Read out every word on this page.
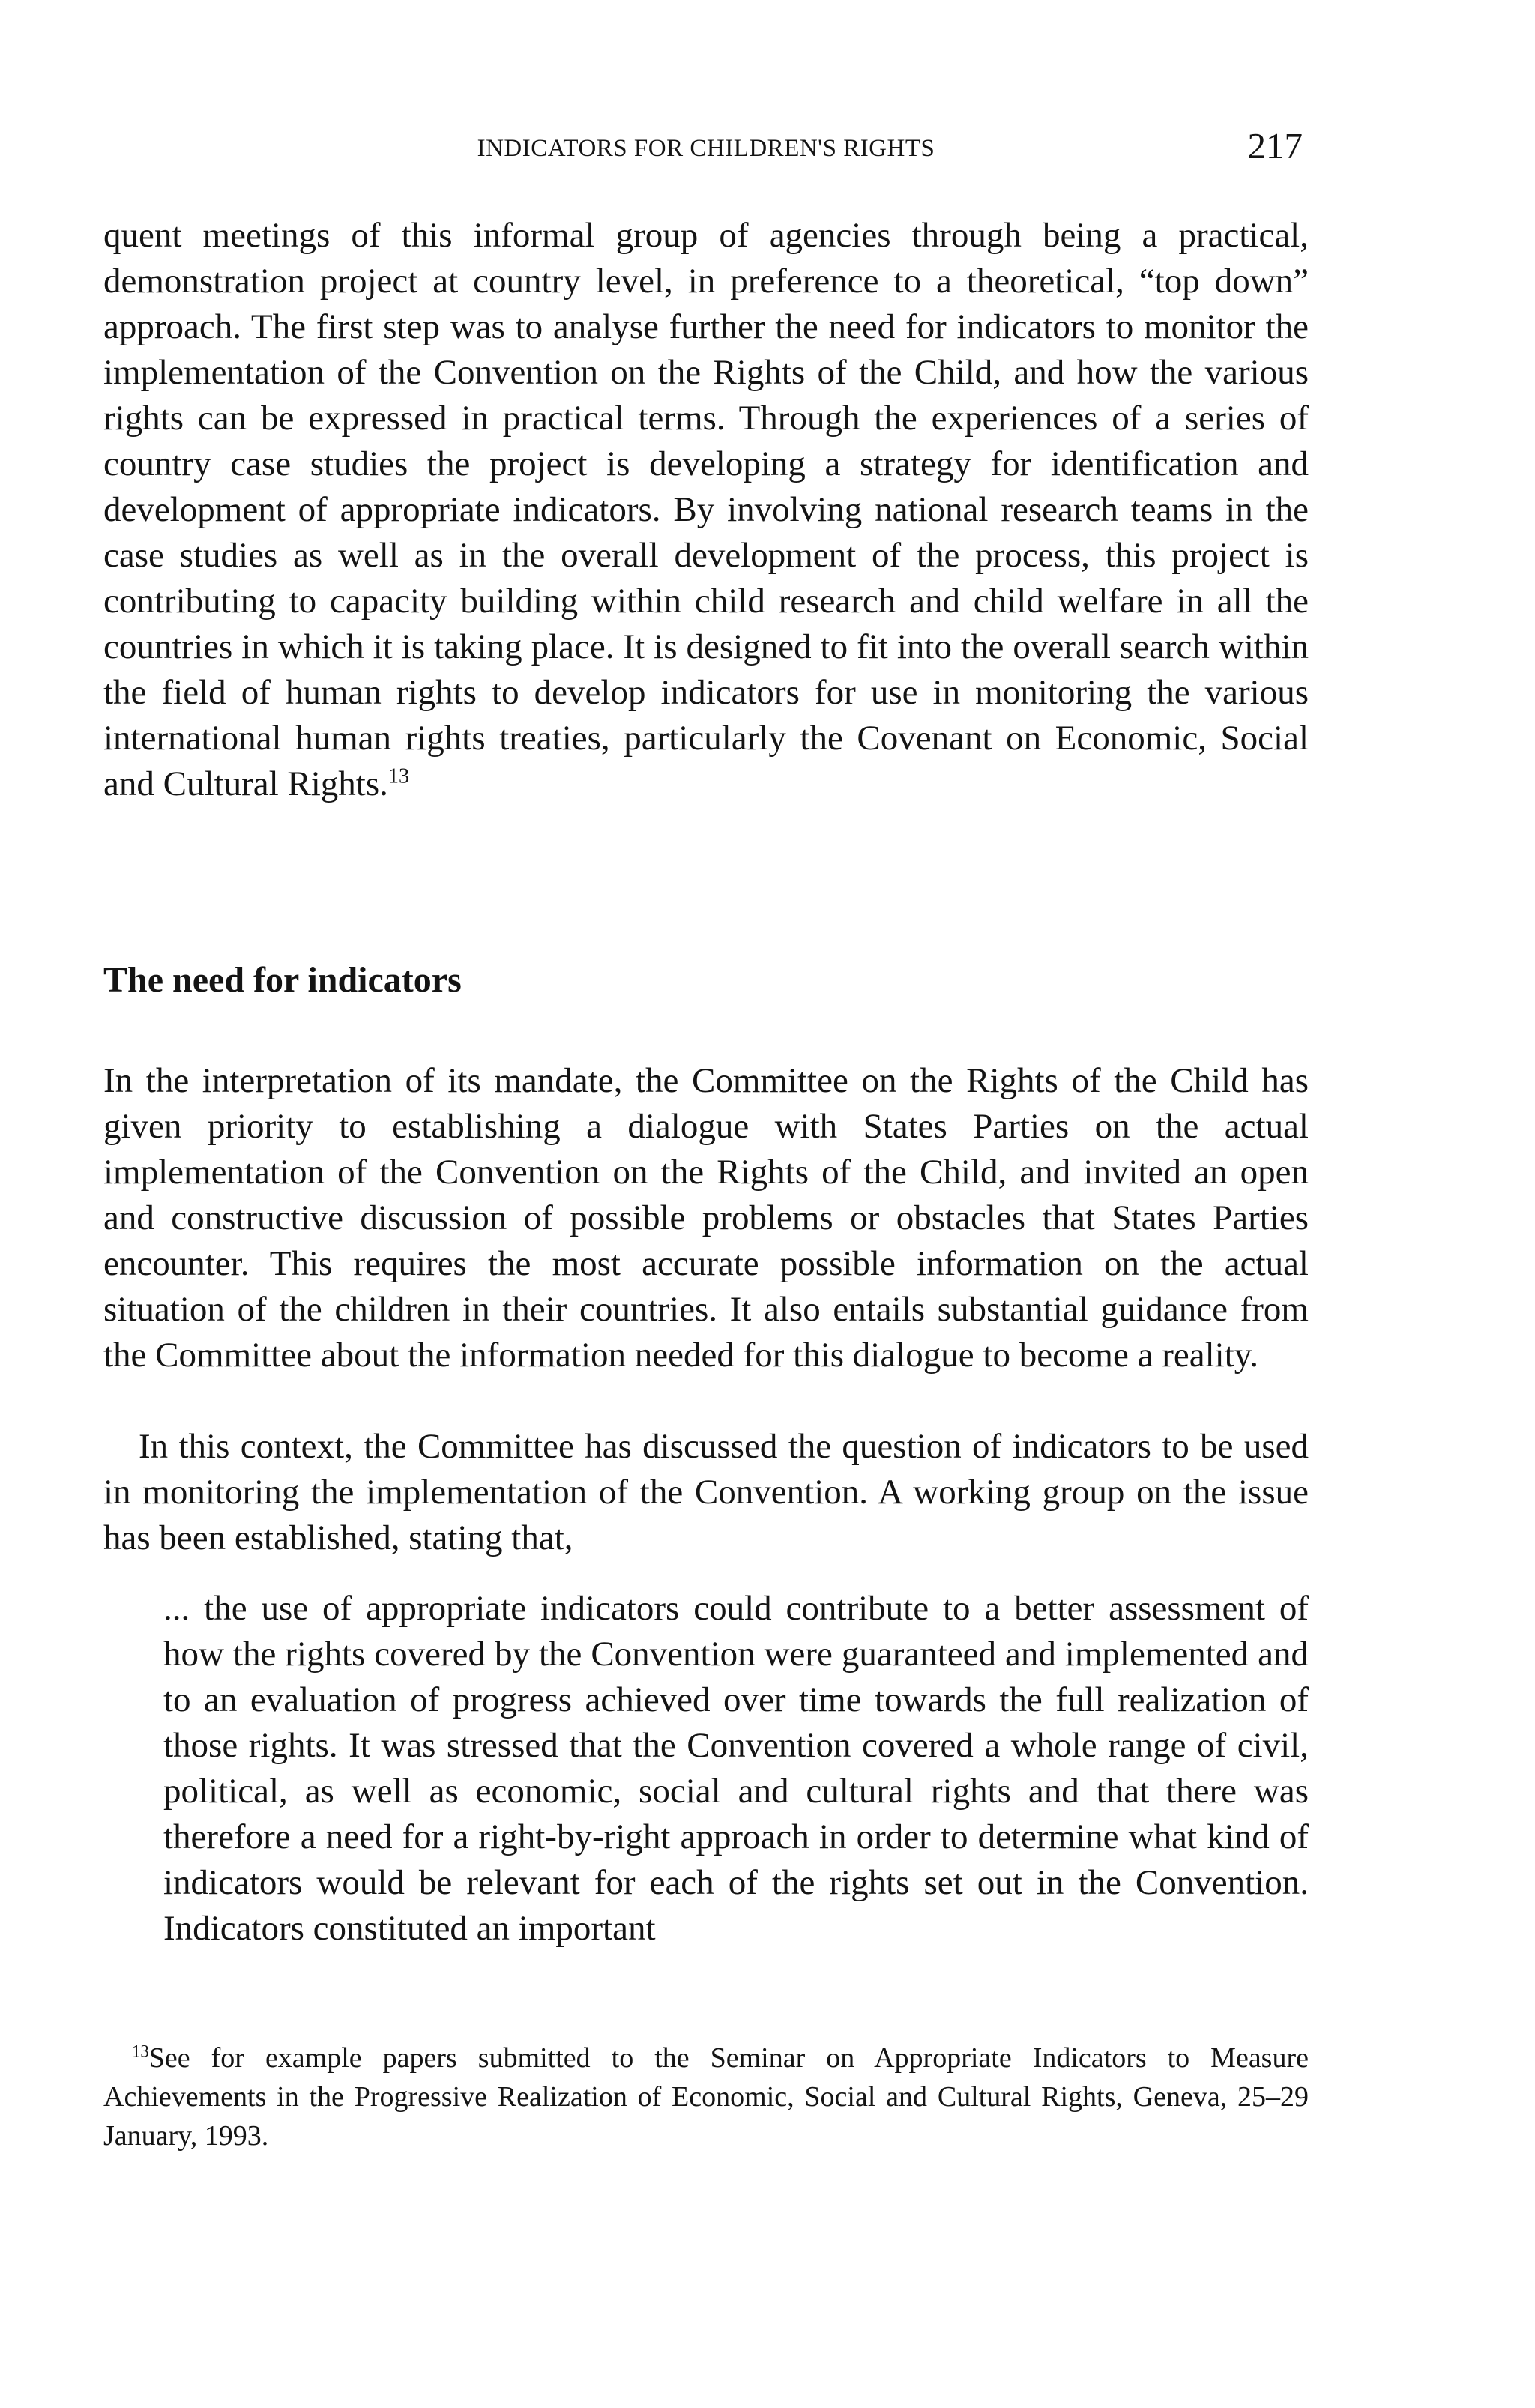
INDICATORS FOR CHILDREN'S RIGHTS	217

quent meetings of this informal group of agencies through being a practical, demonstration project at country level, in preference to a theoretical, “top down” approach. The first step was to analyse further the need for indicators to monitor the implementation of the Convention on the Rights of the Child, and how the various rights can be expressed in practical terms. Through the experiences of a series of country case studies the project is developing a strategy for identification and development of appropriate indicators. By involving national research teams in the case studies as well as in the overall development of the process, this project is contributing to capacity building within child research and child welfare in all the countries in which it is taking place. It is designed to fit into the overall search within the field of human rights to develop indicators for use in monitoring the various international human rights treaties, particularly the Covenant on Economic, Social and Cultural Rights.$^{13}$

The need for indicators

In the interpretation of its mandate, the Committee on the Rights of the Child has given priority to establishing a dialogue with States Parties on the actual implementation of the Convention on the Rights of the Child, and invited an open and constructive discussion of possible problems or obstacles that States Parties encounter. This requires the most accurate possible information on the actual situation of the children in their countries. It also entails substantial guidance from the Committee about the information needed for this dialogue to become a reality.

In this context, the Committee has discussed the question of indicators to be used in monitoring the implementation of the Convention. A working group on the issue has been established, stating that,

... the use of appropriate indicators could contribute to a better assessment of how the rights covered by the Convention were guaranteed and implemented and to an evaluation of progress achieved over time towards the full realization of those rights. It was stressed that the Convention covered a whole range of civil, political, as well as economic, social and cultural rights and that there was therefore a need for a right-by-right approach in order to determine what kind of indicators would be relevant for each of the rights set out in the Convention. Indicators constituted an important

$^{13}$See for example papers submitted to the Seminar on Appropriate Indicators to Measure Achievements in the Progressive Realization of Economic, Social and Cultural Rights, Geneva, 25–29 January, 1993.
